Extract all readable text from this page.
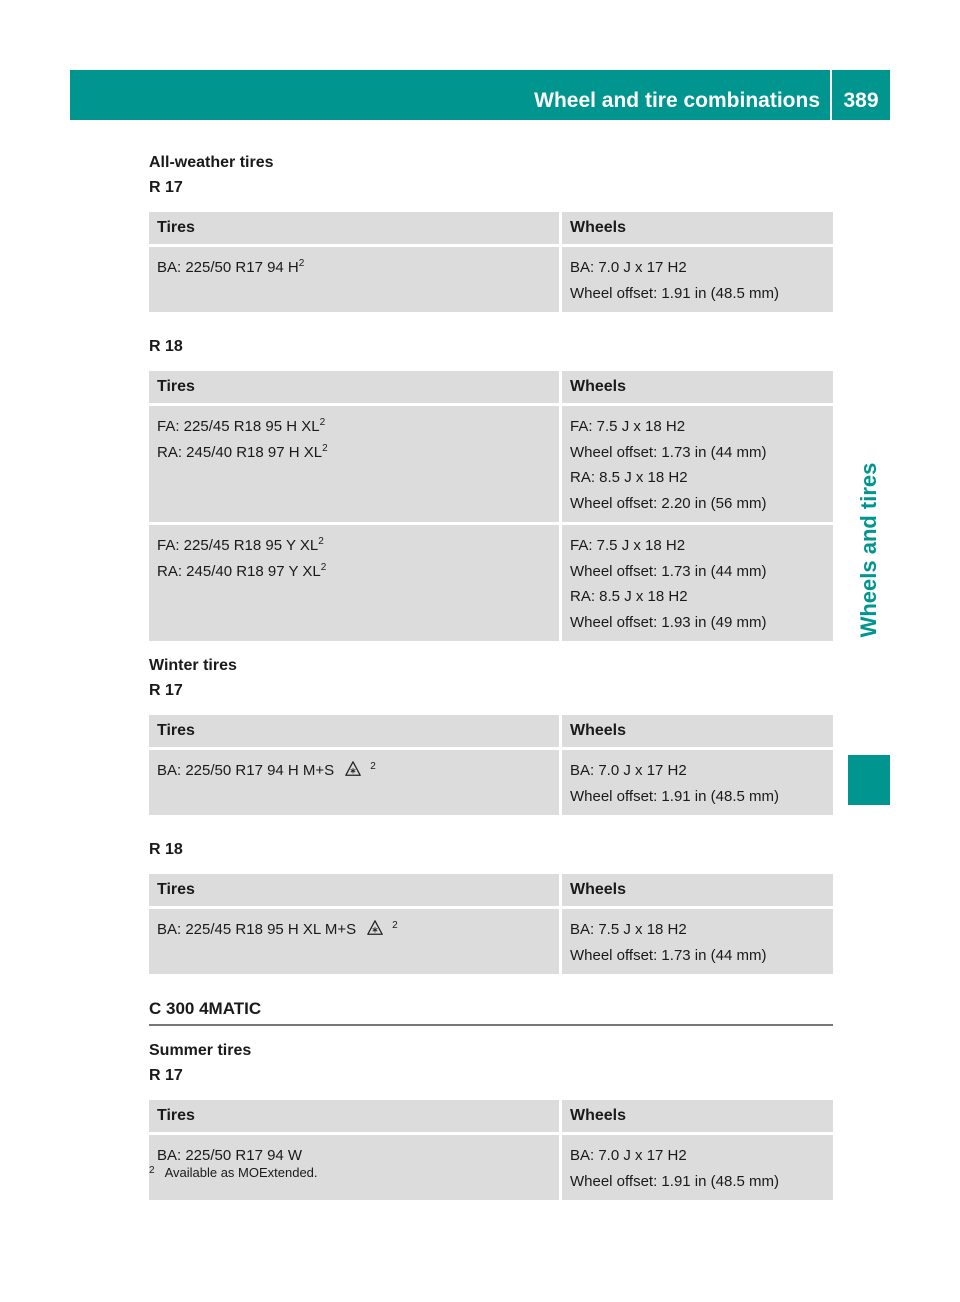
Wheel and tire combinations	389
Wheels and tires
All-weather tires
R 17
Tires	Wheels

BA: 225/50 R17 94 $H^2$	BA: 7.0 J x 17 H2
Wheel offset: 1.91 in (48.5 mm)
R 18
Tires	Wheels

FA: 225/45 R18 95 H $XL^2$
RA: 245/40 R18 97 H $XL^2$	FA: 7.5 J x 18 H2
Wheel offset: 1.73 in (44 mm)
RA: 8.5 J x 18 H2
Wheel offset: 2.20 in (56 mm)

FA: 225/45 R18 95 Y $XL^2$
RA: 245/40 R18 97 Y $XL^2$	FA: 7.5 J x 18 H2
Wheel offset: 1.73 in (44 mm)
RA: 8.5 J x 18 H2
Wheel offset: 1.93 in (49 mm)
Winter tires
R 17
Tires	Wheels

BA: 225/50 R17 94 H M+S $^2$	BA: 7.0 J x 17 H2
Wheel offset: 1.91 in (48.5 mm)
R 18
Tires	Wheels

BA: 225/45 R18 95 H XL M+S $^2$	BA: 7.5 J x 18 H2
Wheel offset: 1.73 in (44 mm)
C 300 4MATIC
Summer tires
R 17
Tires	Wheels

BA: 225/50 R17 94 W	BA: 7.0 J x 17 H2
Wheel offset: 1.91 in (48.5 mm)
$^2$ Available as MOExtended.
